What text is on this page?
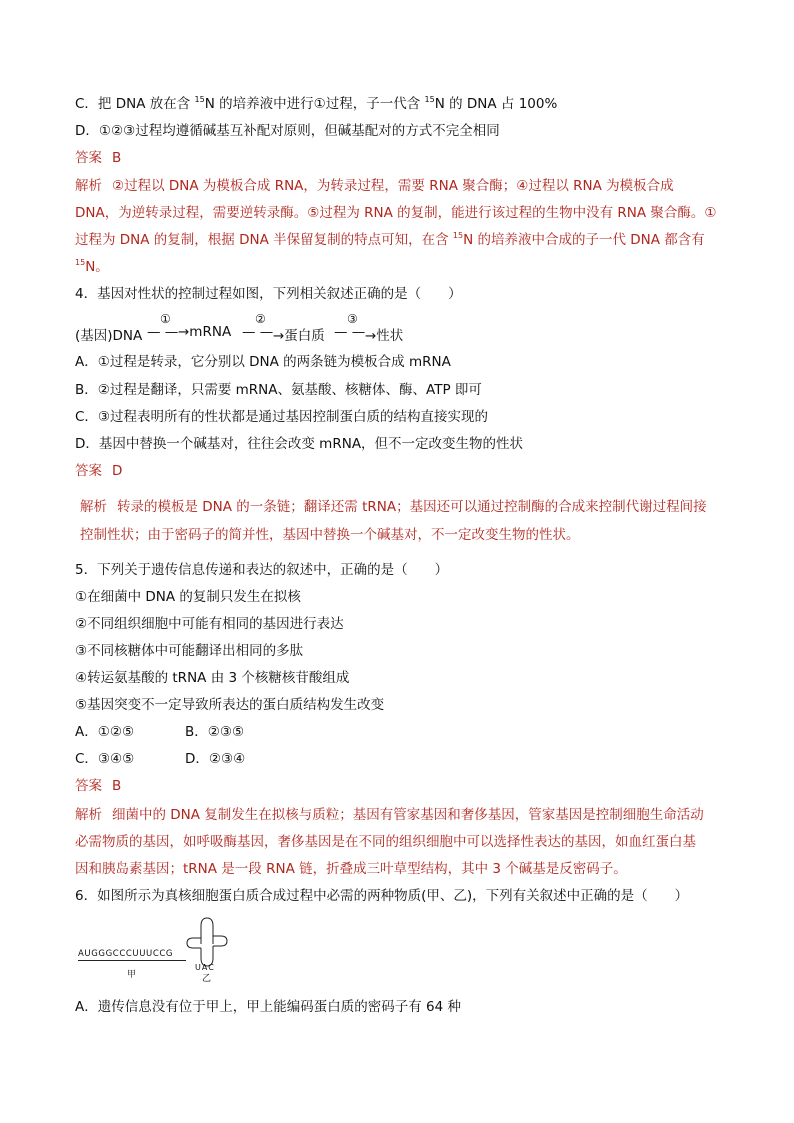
C．把 DNA 放在含 $^{15}$N 的培养液中进行①过程，子一代含 $^{15}$N 的 DNA 占 100%
D．①②③过程均遵循碱基互补配对原则，但碱基配对的方式不完全相同
答案 B
解析 ②过程以 DNA 为模板合成 RNA，为转录过程，需要 RNA 聚合酶；④过程以 RNA 为模板合成
DNA，为逆转录过程，需要逆转录酶。⑤过程为 RNA 的复制，能进行该过程的生物中没有 RNA 聚合酶。①
过程为 DNA 的复制，根据 DNA 半保留复制的特点可知，在含 $^{15}$N 的培养液中合成的子一代 DNA 都含有
$^{15}$N。
4．基因对性状的控制过程如图，下列相关叙述正确的是（　　）
(基因)DNA — —
①
→mRNA — —
②
→蛋白质 — —
③
→性状
A．①过程是转录，它分别以 DNA 的两条链为模板合成 mRNA
B．②过程是翻译，只需要 mRNA、氨基酸、核糖体、酶、ATP 即可
C．③过程表明所有的性状都是通过基因控制蛋白质的结构直接实现的
D．基因中替换一个碱基对，往往会改变 mRNA，但不一定改变生物的性状
答案 D
解析 转录的模板是 DNA 的一条链；翻译还需 tRNA；基因还可以通过控制酶的合成来控制代谢过程间接
控制性状；由于密码子的简并性，基因中替换一个碱基对，不一定改变生物的性状。
5．下列关于遗传信息传递和表达的叙述中，正确的是（　　）
①在细菌中 DNA 的复制只发生在拟核
②不同组织细胞中可能有相同的基因进行表达
③不同核糖体中可能翻译出相同的多肽
④转运氨基酸的 tRNA 由 3 个核糖核苷酸组成
⑤基因突变不一定导致所表达的蛋白质结构发生改变
A．①②⑤	B．②③⑤
C．③④⑤	D．②③④
答案 B
解析 细菌中的 DNA 复制发生在拟核与质粒；基因有管家基因和奢侈基因，管家基因是控制细胞生命活动
必需物质的基因，如呼吸酶基因，奢侈基因是在不同的组织细胞中可以选择性表达的基因，如血红蛋白基
因和胰岛素基因；tRNA 是一段 RNA 链，折叠成三叶草型结构，其中 3 个碱基是反密码子。
6．如图所示为真核细胞蛋白质合成过程中必需的两种物质(甲、乙)，下列有关叙述中正确的是（　　）
AUGGGCCCUUUCCG
甲
UAC
乙
A．遗传信息没有位于甲上，甲上能编码蛋白质的密码子有 64 种
